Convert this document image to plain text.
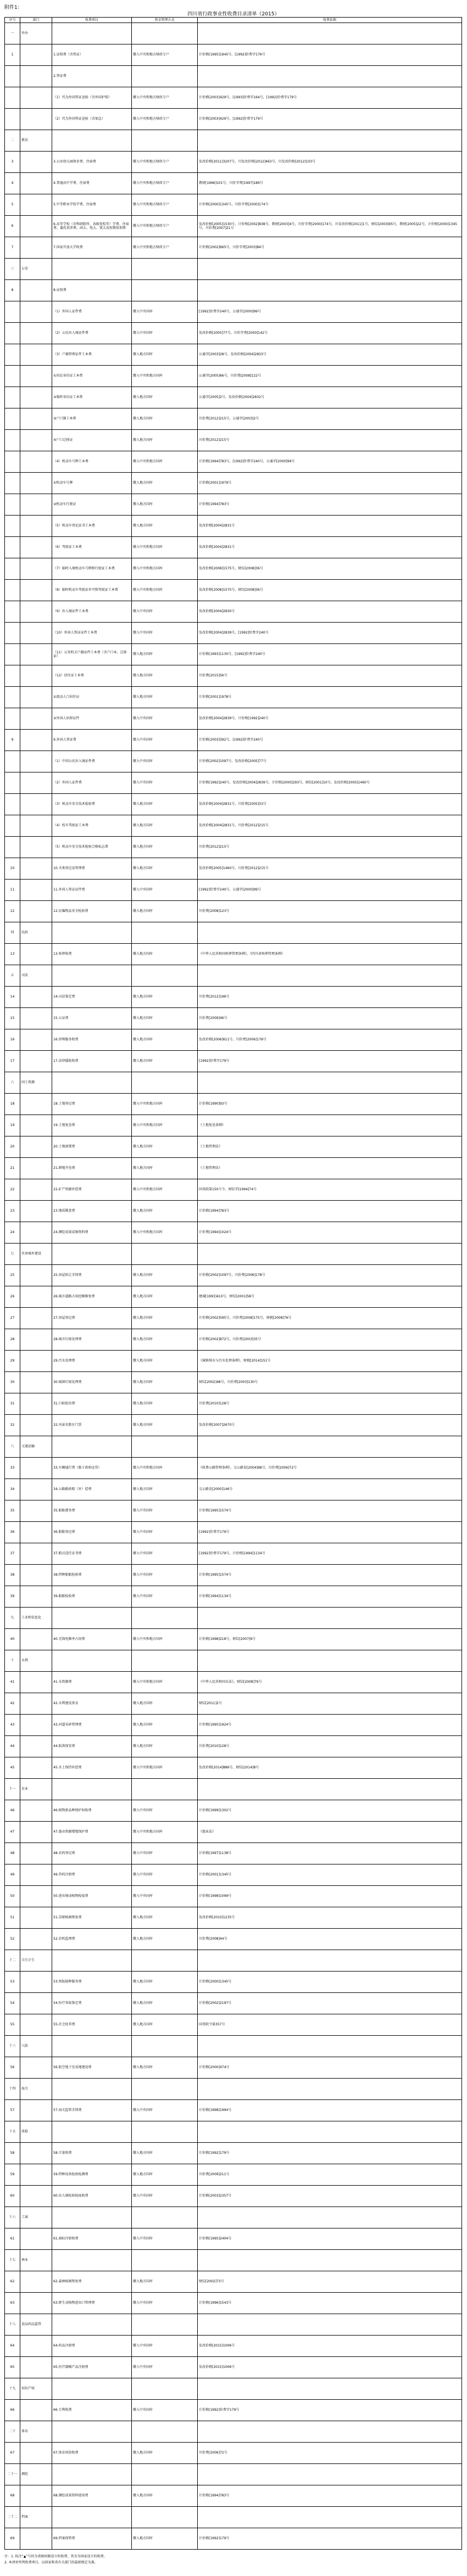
附件1：
四川省行政事业性收费目录清单（2015）
序号	部门	收费项目	资金管理方式	收费依据
一	外办			
1		1.证照费（含签证）	缴入中央和地方财政专户	计价格[1995]1945号、[1992]价费字179号
		2.签证费		
		（1）代为外国签证送验（含外国护照）	缴入中央和地方财政专户	计价格[2003]429号，[1993]价费字164号，[1992]价费字179号
		（2）代为外国签证送验（含加急）	缴入中央和地方财政专户	计价格[2003]429号，[1992]价费字179号
二	教育			
3		3.公办幼儿园保育费、住宿费	缴入中央和地方财政专户	发改价格[2011]3207号，川发改价格[2012]463号，川发改价格[2012]103号
4		4.普通高中学费、住宿费	缴入中央和地方财政专户	教财[1996]101号，川价字费[1997]189号
5		5.中等职业学校学费、住宿费	缴入中央和地方财政专户	计价格[2000]1345号，川价字费[2000]174号
6		6.高等学校（含科研院所、各级党校等）学费、住宿费、委托培养费、函大、电大、夜大及短期培训费	缴入中央和地方财政专户	发改价格[2005]1530号，计价格[2002]838号，教财[2003]4号，川价字费[2000]174号，川发改价格[2011]1号，财综[2003]95号，教财[2005]22号，计价格[2000]1345号，川价费[2007]21号
7		7.国家开放大学收费	缴入中央和地方财政专户	计价格[2002]665号，川价字费[2003]84号
三	公安			
8		8.证照费		
		（1）外国人证件费	缴入中央国库	[1992]价费字240号，公通字[2000]99号
		（2）公民出入境证件费	缴入中央国库	发改价格[2005]77号，川价字费[2000]142号
		（3）户籍管理证件工本费	缴入地方国库	公通字[2003]28号，发改价格[2004]2833号
		①居民身份证工本费	缴入中央和地方国库	公通字[2005]66号，川价费[2008]122号
		②临时身份证工本费	缴入地方国库	公通字[2005]2号，发改价格[2004]2832号
		③户口簿工本费	缴入地方国库	川价费[2012]215号，公通字[2003]2号
		④户口迁移证	缴入地方国库	川价费[2012]215号
		（4）机动车号牌工本费	缴入中央和地方国库	计价格[1994]783号，[1992]价费字240号，公通字[2000]99号
		①机动车号牌	缴入地方国库	计价格[2001]1979号
		②机动车行驶证	缴入地方国库	计价格[1994]783号
		（5）机动车登记证书工本费	缴入地方国库	发改价格[2004]2831号
		（6）驾驶证工本费	缴入中央和地方国库	发改价格[2004]2831号
		（7）临时入境机动车号牌和行驶证工本费	缴入中央和地方国库	发改价格[2008]1575号，财综[2008]36号
		（8）临时机动车驾驶证许可和驾驶证工本费	缴入中央和地方国库	发改价格[2008]1575号，财综[2008]36号
		（9）出入境证件工本费	缴入中央国库	发改价格[2004]2830号
		（10）外国人签证证件工本费	缴入中央国库	发改价格[2004]2839号，[1992]价费字240号
		（11）公安机关户籍证件工本费（含户口本、迁移证）	缴入地方国库	计价格[1993]1130号，[1992]价费字240号
		（12）居住证工本费	缴入地方国库	川价费[2015]56号
		①流动人口居住证	缴入地方国库	计价格[2001]1978号
		②外国人居留证件	缴入中央国库	发改价格[2004]2839号，计价格[1992]240号
9		9.外国人签证费	缴入中央国库	计价格[2003]392号，[1992]价费字240号
		（1）中国公民出入境证件费	缴入中央国库	计价格[2002]1097号，发改价格[2005]77号
		（2）外国人证件费	缴入中央国库	计价格[1992]240号，发改价格[2004]2839号，计价格[2000]293号，财综[2001]10号，发改价格[2005]1460号
		（3）机动车安全技术检验费	缴入地方国库	发改价格[2004]2831号，川价费[2005]33号
		（4）校车驾驶证工本费	缴入地方国库	发改价格[2004]2831号，川价费[2012]215号
		（5）机动车安全技术检验合格标志费	缴入地方国库	川价费[2012]215号
10		10.犬类登记及管理费	缴入地方国库	发改价格[2005]1460号，川价费[2012]215号
11		11.外国人签证证件费	缴入中央国库	[1992]价费字240号，公通字[2000]99号
12		12.民爆物品安全检验费	缴入地方国库	川价费[2008]123号
四	民政			
13		13.殡葬收费	缴入地方国库	《中华人民共和国殡葬管理条例》，《四川省殡葬管理条例》
五	司法			
14		14.司法鉴定费	缴入地方国库	川价费[2012]196号
15		15.公证费	缴入地方国库	川价费[2009]46号
16		16.律师服务收费	缴入地方国库	发改价格[2006]611号，川价费[2006]178号
17		17.法律援助收费	缴入地方国库	[1992]价费字179号
六	国土资源			
18		18.土地登记费	缴入中央和地方国库	计价格[1990]93号
19		19.土地复垦费	缴入中央和地方国库	《土地复垦条例》
20		20.土地闲置费	缴入地方国库	《土地管理法》
21		21.耕地开垦费	缴入地方国库	《土地管理法》
22		22.矿产资源补偿费	缴入中央和地方国库	国务院第150号令，财综字[1994]74号
23		23.地质勘查费	缴入地方国库	计价格[1994]783号
24		24.测绘成果成图资料费	缴入中央和地方国库	计价费[1994]1024号
七	住房城乡建设			
25		25.房屋转让手续费	缴入地方国库	计价格[2002]1097号，川价费[2006]178号
26		26.城市道路占用挖掘修复费	缴入地方国库	建城[1993]410号，财综[2001]58号
27		27.房屋登记费	缴入地方国库	计价格[2002]595号，川价费[2008]175号，财税[2008]76号
28		28.城市垃圾处理费	缴入地方国库	计价格[2002]872号，川价费[2003]35号
29		29.污水处理费	缴入地方国库	《城镇排水与污水处理条例》，财税[2014]151号
30		30.城镇垃圾处理费	缴入地方国库	财综[2002]48号，川价费[2003]130号
31		31.白蚁防治费	缴入地方国库	川价费[2010]128号
32		32.风景名胜区门票	缴入地方国库	发改价格[2007]2670号
八	交通运输			
33		33.车辆通行费（限于政府还贷）	缴入中央和地方国库	《收费公路管理条例》，交公路发[2004]98号，川价费[2006]72号
34		34.公路路政赔（补）偿费	缴入地方国库	交公路发[2000]146号
35		35.船舶港务费	缴入中央国库	计价格[1995]1574号
36		36.船舶登记费	缴入中央国库	[1992]价费字179号
37		37.船员适任证书费	缴入中央国库	[1992]价费字179号，计价格[1994]1134号
38		38.特种船舶检验费	缴入中央国库	计价格[1995]1574号
39		39.船舶检验费	缴入中央国库	计价格[1994]1134号
九	工业和信息化			
40		40.无线电频率占用费	缴入中央和地方国库	计价格[1998]218号，财综[2007]9号
十	水利			
41		41.水资源费	缴入中央和地方国库	《中华人民共和国水法》，财综[2008]79号
42		42.水利建设基金	缴入地方国库	财综[2011]2号
43		43.河道采砂管理费	缴入地方国库	计价格[1995]1924号
44		44.防洪保安费	缴入地方国库	川价费[2010]128号
45		45.水土保持补偿费	缴入中央和地方国库	发改价格[2014]886号，财综[2014]8号
十一	农业			
46		46.植物新品种保护权收费	缴入中央国库	计价格[1999]1302号
47		47.渔业资源增殖保护费	缴入中央和地方国库	《渔业法》
48		48.农药登记费	缴入中央国库	计价格[1997]1138号
49		49.兽药注册费	缴入中央国库	计价格[2001]1345号
50		50.进出境动植物检疫费	缴入中央国库	计价格[1998]1099号
51		51.草原植被恢复费	缴入地方国库	发改价格[2010]1235号
52		52.农机监理费	缴入地方国库	川价费[2008]44号
十二	卫生计生			
53		53.预防接种服务费	缴入地方国库	计价格[2000]1345号
54		54.医疗事故鉴定费	缴入地方国库	计价格[2002]2197号
55		55.社会抚养费	缴入地方国库	国务院令第357号
十三	人防			
56		56.防空地下室易地建设费	缴入地方国库	计价格[2000]474号
十四	海关			
57		57.海关监管手续费	缴入中央国库	计价格[1998]1994号
十五	质检			
58		58.计量收费	缴入地方国库	计价格[1992]179号
59		59.特种设备检验检测费	缴入地方国库	川价费[2009]211号
60		60.出入境检验检疫收费	缴入中央国库	计价格[2003]2357号
十六	工商			
61		61.商标注册收费	缴入中央国库	计价格[1995]2404号
十七	林业			
62		62.森林植被恢复费	缴入地方国库	财综[2002]73号
63		63.野生动植物进出口管理费	缴入中央国库	计价格[1996]1543号
十八	食品药品监管			
64		64.药品注册费	缴入中央国库	发改价格[2015]1006号
65		65.医疗器械产品注册费	缴入中央国库	发改价格[2015]1006号
十九	知识产权			
66		66.专利收费	缴入中央国库	计价格[1992]价费字179号
二十	体育			
67		67.体育场馆收费	缴入地方国库	川价费[2006]72号
二十一	测绘			
68		68.测绘成果资料使用费	缴入地方国库	计价格[1994]783号
二十二	档案			
69		69.档案保管费	缴入地方国库	计价格[1992]179号
注：1. 标注“▲”号的为省级权限设立的收费，其余为国家设立的收费。
2. 本清单所列收费项目，以国家和省有关部门的最新规定为准。
